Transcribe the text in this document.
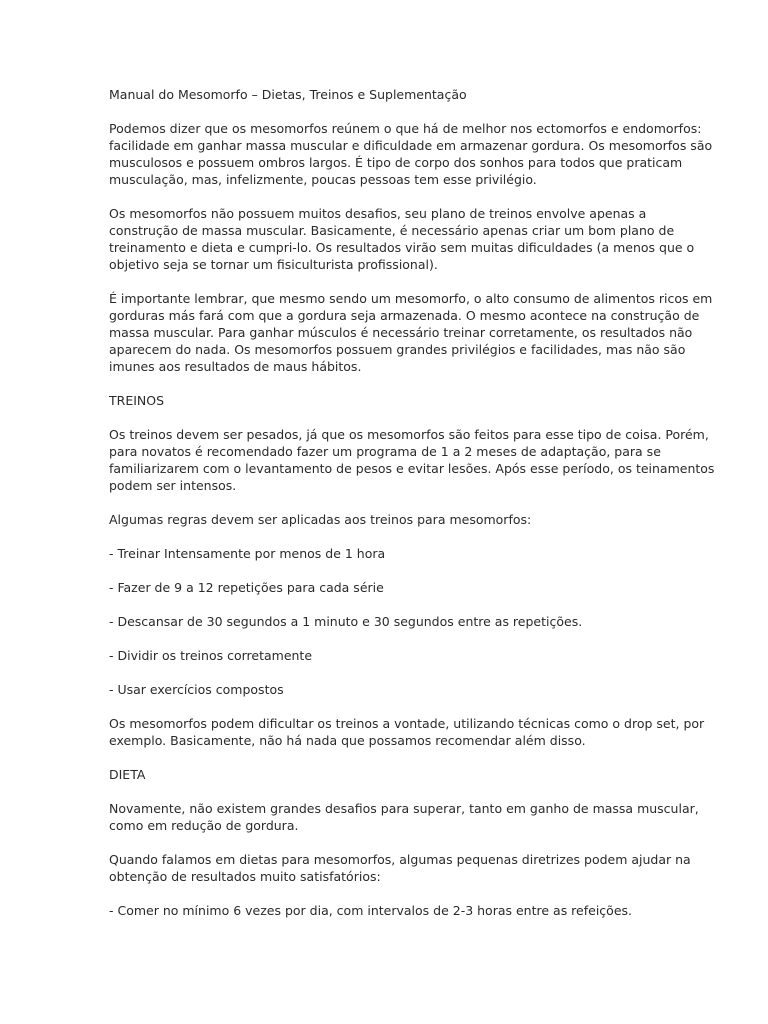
Manual do Mesomorfo – Dietas, Treinos e Suplementação

Podemos dizer que os mesomorfos reúnem o que há de melhor nos ectomorfos e endomorfos:
facilidade em ganhar massa muscular e dificuldade em armazenar gordura. Os mesomorfos são
musculosos e possuem ombros largos. É tipo de corpo dos sonhos para todos que praticam
musculação, mas, infelizmente, poucas pessoas tem esse privilégio.

Os mesomorfos não possuem muitos desafios, seu plano de treinos envolve apenas a
construção de massa muscular. Basicamente, é necessário apenas criar um bom plano de
treinamento e dieta e cumpri-lo. Os resultados virão sem muitas dificuldades (a menos que o
objetivo seja se tornar um fisiculturista profissional).

É importante lembrar, que mesmo sendo um mesomorfo, o alto consumo de alimentos ricos em
gorduras más fará com que a gordura seja armazenada. O mesmo acontece na construção de
massa muscular. Para ganhar músculos é necessário treinar corretamente, os resultados não
aparecem do nada. Os mesomorfos possuem grandes privilégios e facilidades, mas não são
imunes aos resultados de maus hábitos.

TREINOS

Os treinos devem ser pesados, já que os mesomorfos são feitos para esse tipo de coisa. Porém,
para novatos é recomendado fazer um programa de 1 a 2 meses de adaptação, para se
familiarizarem com o levantamento de pesos e evitar lesões. Após esse período, os teinamentos
podem ser intensos.

Algumas regras devem ser aplicadas aos treinos para mesomorfos:

- Treinar Intensamente por menos de 1 hora

- Fazer de 9 a 12 repetições para cada série

- Descansar de 30 segundos a 1 minuto e 30 segundos entre as repetições.

- Dividir os treinos corretamente

- Usar exercícios compostos

Os mesomorfos podem dificultar os treinos a vontade, utilizando técnicas como o drop set, por
exemplo. Basicamente, não há nada que possamos recomendar além disso.

DIETA

Novamente, não existem grandes desafios para superar, tanto em ganho de massa muscular,
como em redução de gordura.

Quando falamos em dietas para mesomorfos, algumas pequenas diretrizes podem ajudar na
obtenção de resultados muito satisfatórios:

- Comer no mínimo 6 vezes por dia, com intervalos de 2-3 horas entre as refeições.
